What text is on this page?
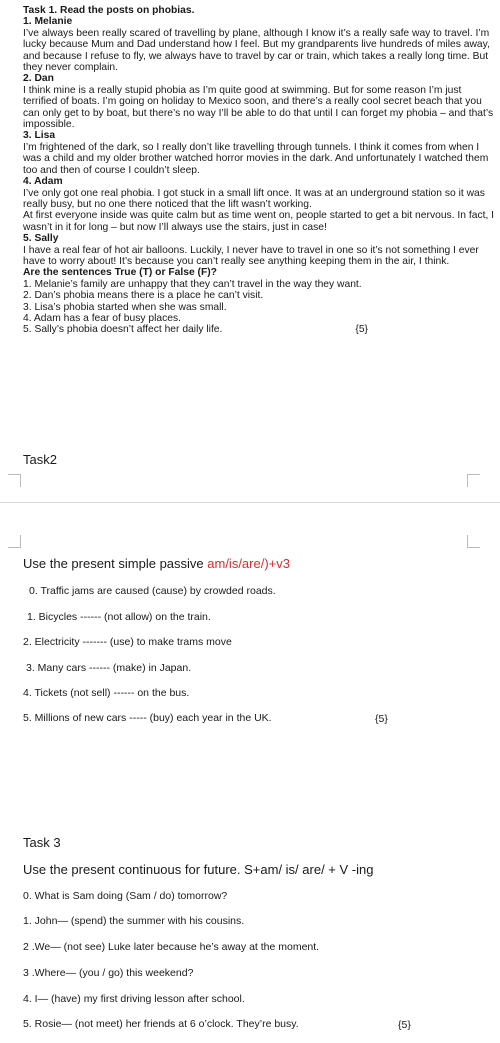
Task 1. Read the posts on phobias.

1. Melanie

I’ve always been really scared of travelling by plane, although I know it’s a really safe way to travel. I’m lucky because Mum and Dad understand how I feel. But my grandparents live hundreds of miles away, and because I refuse to fly, we always have to travel by car or train, which takes a really long time. But they never complain.

2. Dan

I think mine is a really stupid phobia as I’m quite good at swimming. But for some reason I’m just terrified of boats. I’m going on holiday to Mexico soon, and there’s a really cool secret beach that you can only get to by boat, but there’s no way I’ll be able to do that until I can forget my phobia – and that’s impossible.

3. Lisa

I’m frightened of the dark, so I really don’t like travelling through tunnels. I think it comes from when I was a child and my older brother watched horror movies in the dark. And unfortunately I watched them too and then of course I couldn’t sleep.

4. Adam

I’ve only got one real phobia. I got stuck in a small lift once. It was at an underground station so it was really busy, but no one there noticed that the lift wasn’t working.

At first everyone inside was quite calm but as time went on, people started to get a bit nervous. In fact, I wasn’t in it for long – but now I’ll always use the stairs, just in case!

5. Sally

I have a real fear of hot air balloons. Luckily, I never have to travel in one so it’s not something I ever have to worry about! It’s because you can’t really see anything keeping them in the air, I think.

Are the sentences True (T) or False (F)?

1. Melanie’s family are unhappy that they can’t travel in the way they want.

2. Dan’s phobia means there is a place he can’t visit.

3. Lisa’s phobia started when she was small.

4. Adam has a fear of busy places.

5. Sally’s phobia doesn’t affect her daily life.	{5}

Task2
Use the present simple passive am/is/are/)+v3
0. Traffic jams are caused (cause) by crowded roads.
1. Bicycles ------ (not allow) on the train.
2. Electricity ------- (use) to make trams move
3. Many cars ------ (make) in Japan.
4. Tickets (not sell) ------ on the bus.
5. Millions of new cars ----- (buy) each year in the UK.	{5}
Task 3
Use the present continuous for future. S+am/ is/ are/ + V -ing
0. What is Sam doing (Sam / do) tomorrow?
1. John— (spend) the summer with his cousins.
2 .We— (not see) Luke later because he’s away at the moment.
3 .Where— (you / go) this weekend?
4. I— (have) my first driving lesson after school.
5. Rosie— (not meet) her friends at 6 o’clock. They’re busy.	{5}
